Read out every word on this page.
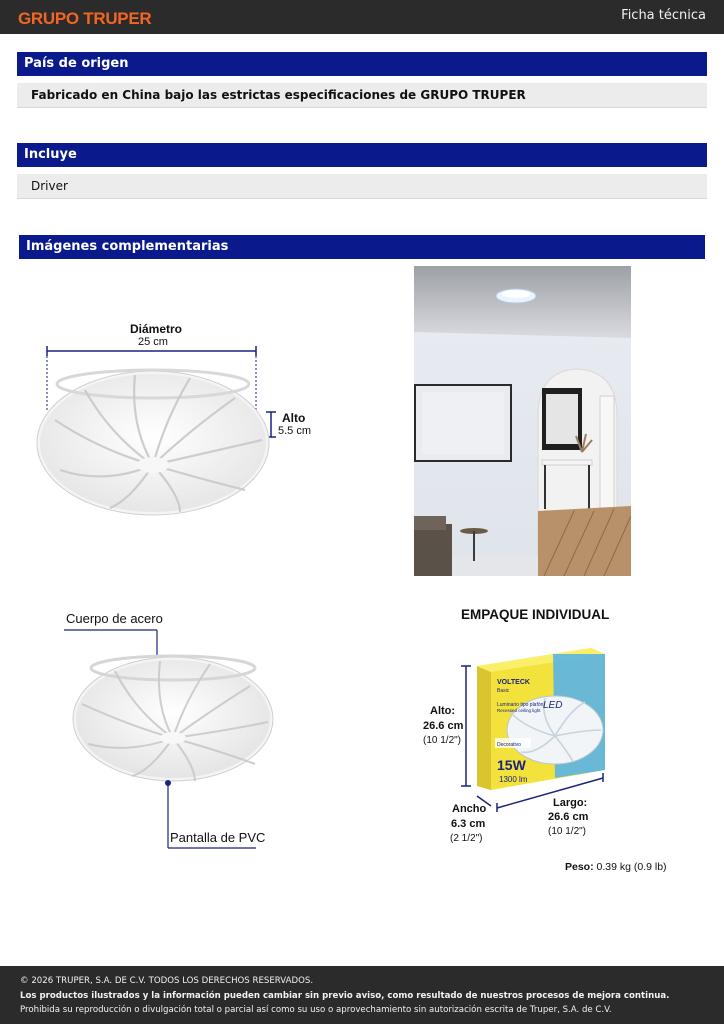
GRUPO TRUPER	Ficha técnica
País de origen
Fabricado en China bajo las estrictas especificaciones de GRUPO TRUPER
Incluye
Driver
Imágenes complementarias
Diámetro
25 cm
Alto
5.5 cm
Cuerpo de acero
Pantalla de PVC
EMPAQUE INDIVIDUAL
VOLTECK
Basic
Luminario tipo plafón
Recessed ceiling light LED
Decorativo
15W
1300 lm
Alto:
26.6 cm
(10 1/2")
Ancho
6.3 cm
(2 1/2")
Largo:
26.6 cm
(10 1/2")
Peso: 0.39 kg (0.9 lb)
© 2026 TRUPER, S.A. DE C.V. TODOS LOS DERECHOS RESERVADOS.
Los productos ilustrados y la información pueden cambiar sin previo aviso, como resultado de nuestros procesos de mejora continua.
Prohibida su reproducción o divulgación total o parcial así como su uso o aprovechamiento sin autorización escrita de Truper, S.A. de C.V.
